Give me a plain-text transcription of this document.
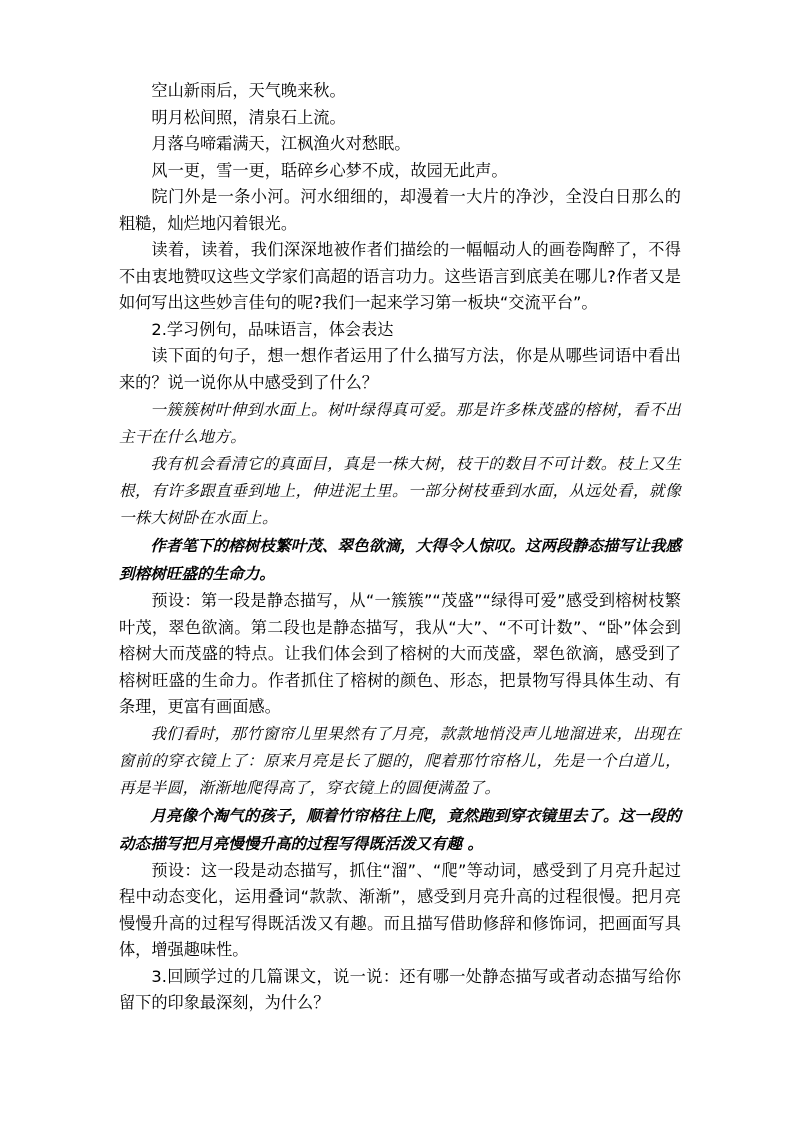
空山新雨后，天气晚来秋。

明月松间照，清泉石上流。

月落乌啼霜满天，江枫渔火对愁眠。

风一更，雪一更，聒碎乡心梦不成，故园无此声。

院门外是一条小河。河水细细的，却漫着一大片的净沙，全没白日那么的粗糙，灿烂地闪着银光。

读着，读着，我们深深地被作者们描绘的一幅幅动人的画卷陶醉了，不得不由衷地赞叹这些文学家们高超的语言功力。这些语言到底美在哪儿?作者又是如何写出这些妙言佳句的呢?我们一起来学习第一板块“交流平台”。

2.学习例句，品味语言，体会表达

读下面的句子，想一想作者运用了什么描写方法，你是从哪些词语中看出来的？说一说你从中感受到了什么？

一簇簇树叶伸到水面上。树叶绿得真可爱。那是许多株茂盛的榕树，看不出主干在什么地方。

我有机会看清它的真面目，真是一株大树，枝干的数目不可计数。枝上又生根，有许多跟直垂到地上，伸进泥土里。一部分树枝垂到水面，从远处看，就像一株大树卧在水面上。

作者笔下的榕树枝繁叶茂、翠色欲滴，大得令人惊叹。这两段静态描写让我感到榕树旺盛的生命力。

预设：第一段是静态描写，从“一簇簇”“茂盛”“绿得可爱”感受到榕树枝繁叶茂，翠色欲滴。第二段也是静态描写，我从“大”、“不可计数”、“卧”体会到榕树大而茂盛的特点。让我们体会到了榕树的大而茂盛，翠色欲滴，感受到了榕树旺盛的生命力。作者抓住了榕树的颜色、形态，把景物写得具体生动、有条理，更富有画面感。

我们看时，那竹窗帘儿里果然有了月亮，款款地悄没声儿地溜进来，出现在窗前的穿衣镜上了：原来月亮是长了腿的，爬着那竹帘格儿，先是一个白道儿，再是半圆，渐渐地爬得高了，穿衣镜上的圆便满盈了。

月亮像个淘气的孩子，顺着竹帘格往上爬，竟然跑到穿衣镜里去了。这一段的动态描写把月亮慢慢升高的过程写得既活泼又有趣 。

预设：这一段是动态描写，抓住“溜”、“爬”等动词，感受到了月亮升起过程中动态变化，运用叠词“款款、渐渐”，感受到月亮升高的过程很慢。把月亮慢慢升高的过程写得既活泼又有趣。而且描写借助修辞和修饰词，把画面写具体，增强趣味性。

3.回顾学过的几篇课文，说一说：还有哪一处静态描写或者动态描写给你留下的印象最深刻，为什么？
